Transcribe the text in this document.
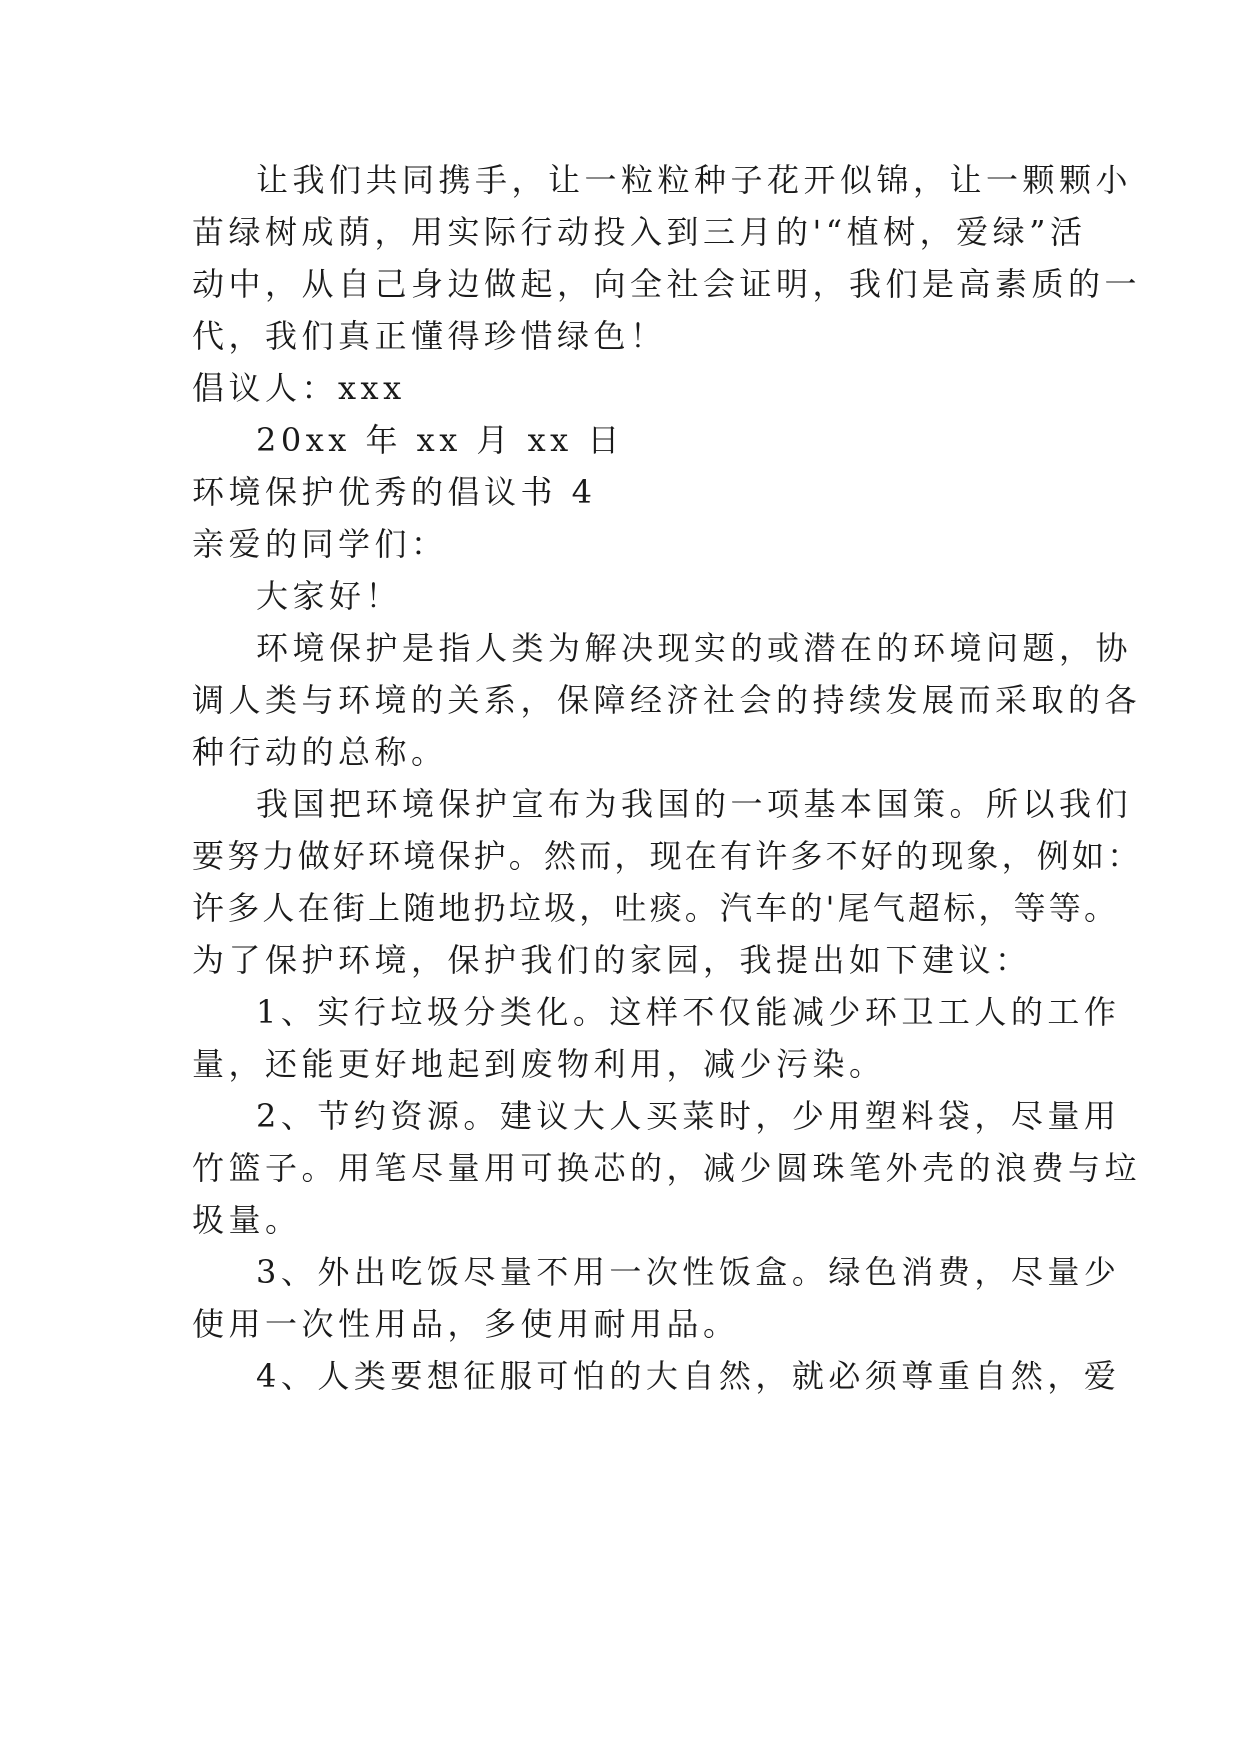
让我们共同携手，让一粒粒种子花开似锦，让一颗颗小
苗绿树成荫，用实际行动投入到三月的'“植树，爱绿”活
动中，从自己身边做起，向全社会证明，我们是高素质的一
代，我们真正懂得珍惜绿色！
倡议人：xxx
20xx 年 xx 月 xx 日
环境保护优秀的倡议书 4
亲爱的同学们：
大家好！
环境保护是指人类为解决现实的或潜在的环境问题，协
调人类与环境的关系，保障经济社会的持续发展而采取的各
种行动的总称。
我国把环境保护宣布为我国的一项基本国策。所以我们
要努力做好环境保护。然而，现在有许多不好的现象，例如：
许多人在街上随地扔垃圾，吐痰。汽车的'尾气超标，等等。
为了保护环境，保护我们的家园，我提出如下建议：
1、实行垃圾分类化。这样不仅能减少环卫工人的工作
量，还能更好地起到废物利用，减少污染。
2、节约资源。建议大人买菜时，少用塑料袋，尽量用
竹篮子。用笔尽量用可换芯的，减少圆珠笔外壳的浪费与垃
圾量。
3、外出吃饭尽量不用一次性饭盒。绿色消费，尽量少
使用一次性用品，多使用耐用品。
4、人类要想征服可怕的大自然，就必须尊重自然，爱
